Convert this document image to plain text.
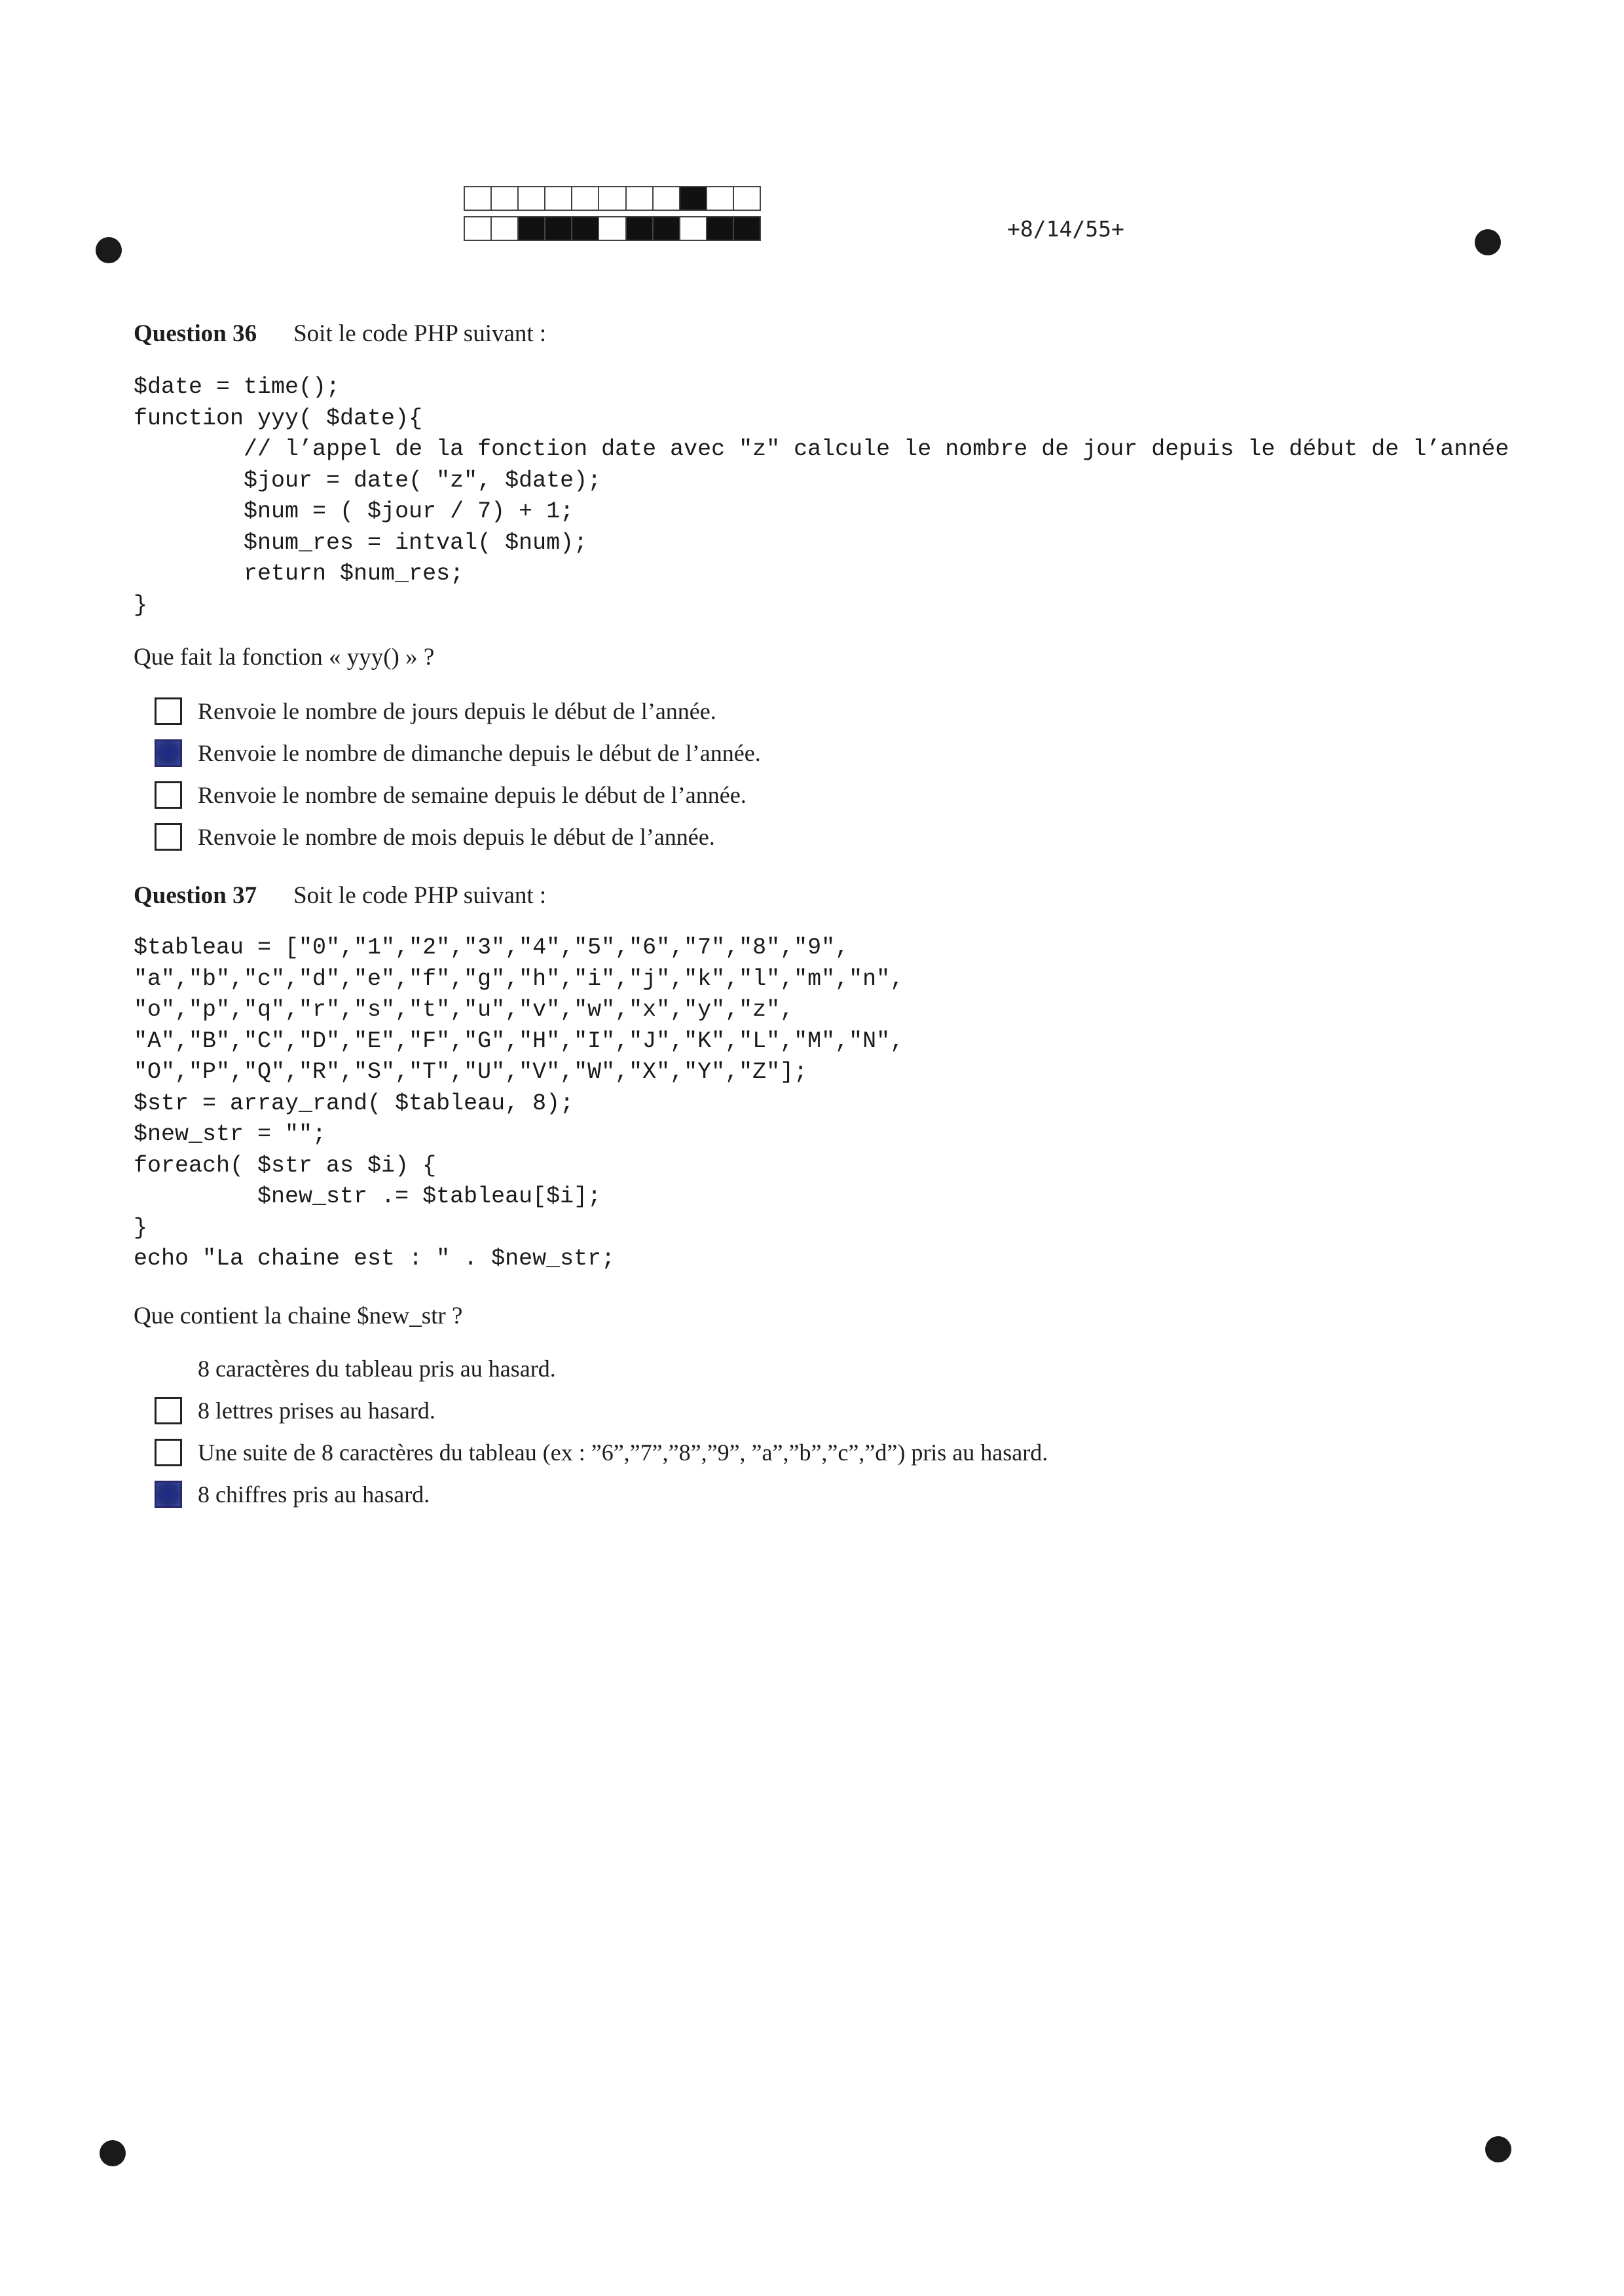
+8/14/55+
Question 36 Soit le code PHP suivant :
$date = time();
function yyy( $date){
// l’appel de la fonction date avec "z" calcule le nombre de jour depuis le début de l’année
$jour = date( "z", $date);
$num = ( $jour / 7) + 1;
$num_res = intval( $num);
return $num_res;
}
Que fait la fonction « yyy() » ?
Renvoie le nombre de jours depuis le début de l’année.
Renvoie le nombre de dimanche depuis le début de l’année.
Renvoie le nombre de semaine depuis le début de l’année.
Renvoie le nombre de mois depuis le début de l’année.
Question 37 Soit le code PHP suivant :
$tableau = ["0","1","2","3","4","5","6","7","8","9",
"a","b","c","d","e","f","g","h","i","j","k","l","m","n",
"o","p","q","r","s","t","u","v","w","x","y","z",
"A","B","C","D","E","F","G","H","I","J","K","L","M","N",
"O","P","Q","R","S","T","U","V","W","X","Y","Z"];
$str = array_rand( $tableau, 8);
$new_str = "";
foreach( $str as $i) {
$new_str .= $tableau[$i];
}
echo "La chaine est : " . $new_str;
Que contient la chaine $new_str ?
8 caractères du tableau pris au hasard.
8 lettres prises au hasard.
Une suite de 8 caractères du tableau (ex : ”6”,”7”,”8”,”9”, ”a”,”b”,”c”,”d”) pris au hasard.
8 chiffres pris au hasard.
